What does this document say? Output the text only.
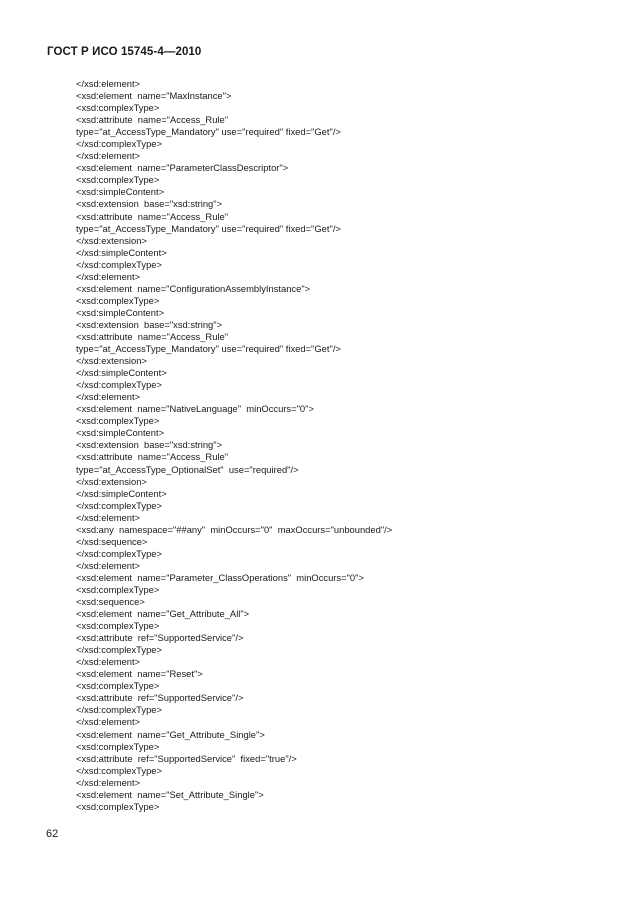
ГОСТ Р ИСО 15745-4—2010
</xsd:element>
<xsd:element  name="MaxInstance">
<xsd:complexType>
<xsd:attribute  name="Access_Rule"
type="at_AccessType_Mandatory" use="required" fixed="Get"/>
</xsd:complexType>
</xsd:element>
<xsd:element  name="ParameterClassDescriptor">
<xsd:complexType>
<xsd:simpleContent>
<xsd:extension  base="xsd:string">
<xsd:attribute  name="Access_Rule"
type="at_AccessType_Mandatory" use="required" fixed="Get"/>
</xsd:extension>
</xsd:simpleContent>
</xsd:complexType>
</xsd:element>
<xsd:element  name="ConfigurationAssemblyInstance">
<xsd:complexType>
<xsd:simpleContent>
<xsd:extension  base="xsd:string">
<xsd:attribute  name="Access_Rule"
type="at_AccessType_Mandatory" use="required" fixed="Get"/>
</xsd:extension>
</xsd:simpleContent>
</xsd:complexType>
</xsd:element>
<xsd:element  name="NativeLanguage"  minOccurs="0">
<xsd:complexType>
<xsd:simpleContent>
<xsd:extension  base="xsd:string">
<xsd:attribute  name="Access_Rule"
type="at_AccessType_OptionalSet"  use="required"/>
</xsd:extension>
</xsd:simpleContent>
</xsd:complexType>
</xsd:element>
<xsd:any  namespace="##any"  minOccurs="0"  maxOccurs="unbounded"/>
</xsd:sequence>
</xsd:complexType>
</xsd:element>
<xsd:element  name="Parameter_ClassOperations"  minOccurs="0">
<xsd:complexType>
<xsd:sequence>
<xsd:element  name="Get_Attribute_All">
<xsd:complexType>
<xsd:attribute  ref="SupportedService"/>
</xsd:complexType>
</xsd:element>
<xsd:element  name="Reset">
<xsd:complexType>
<xsd:attribute  ref="SupportedService"/>
</xsd:complexType>
</xsd:element>
<xsd:element  name="Get_Attribute_Single">
<xsd:complexType>
<xsd:attribute  ref="SupportedService"  fixed="true"/>
</xsd:complexType>
</xsd:element>
<xsd:element  name="Set_Attribute_Single">
<xsd:complexType>
62
